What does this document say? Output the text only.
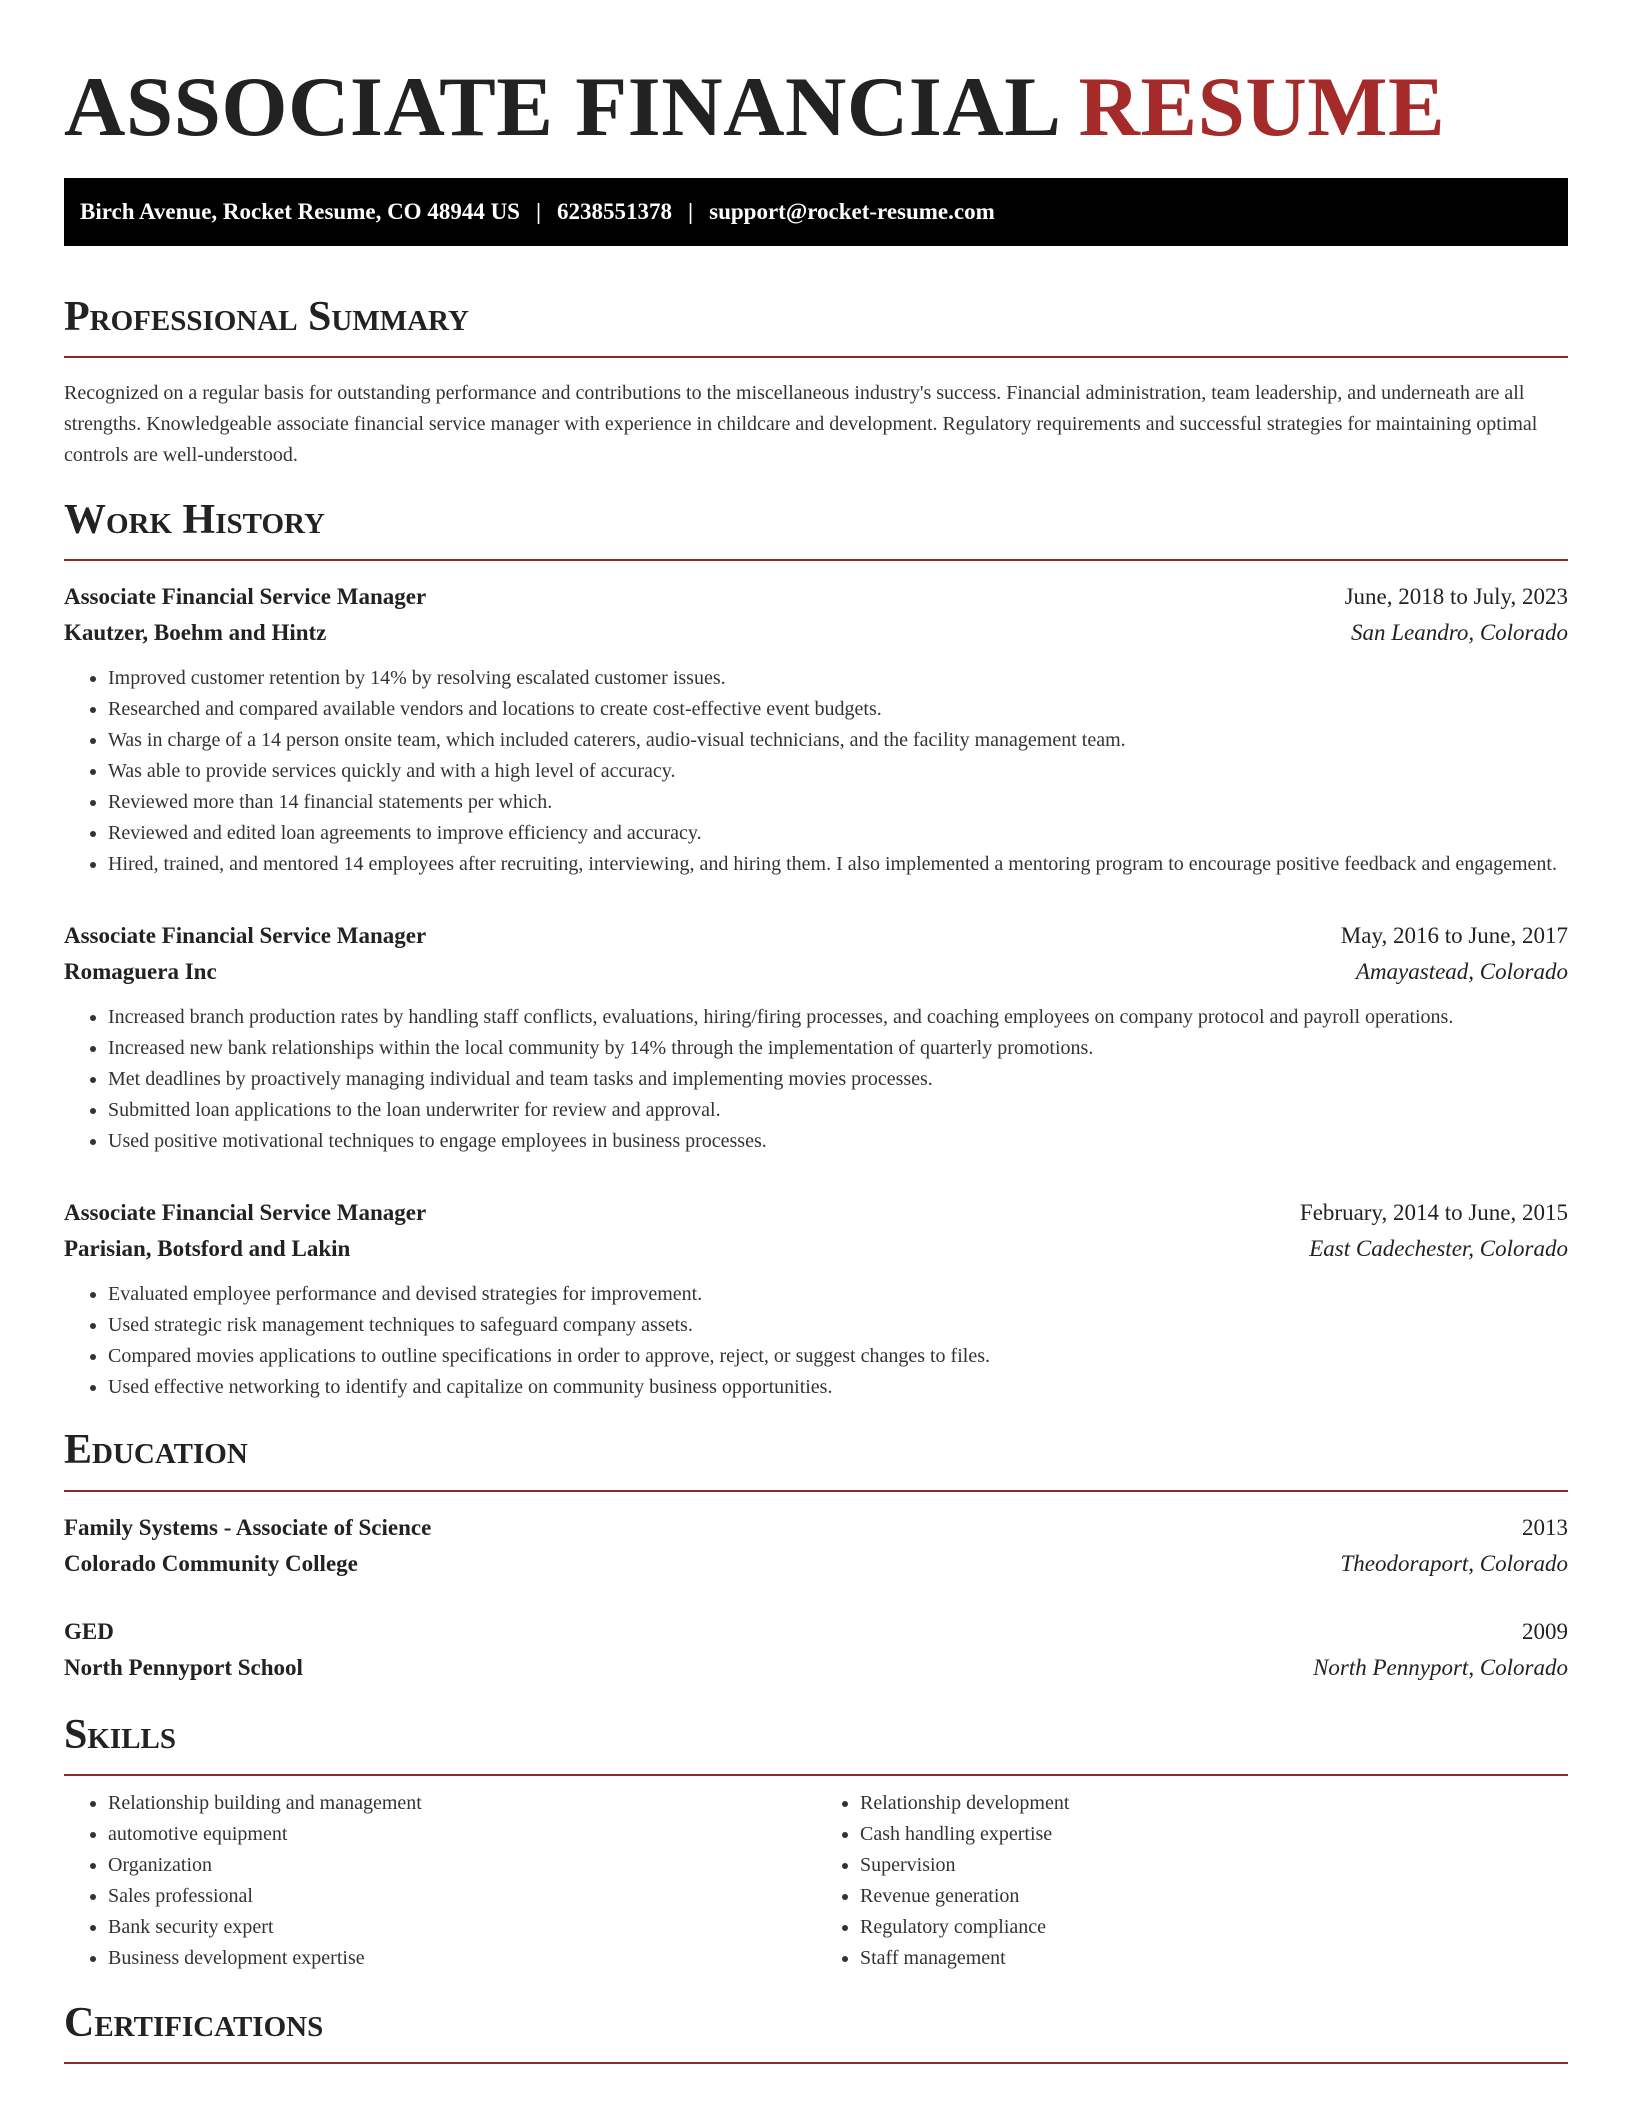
ASSOCIATE FINANCIAL RESUME
Birch Avenue, Rocket Resume, CO 48944 US | 6238551378 | support@rocket-resume.com
Professional Summary

Recognized on a regular basis for outstanding performance and contributions to the miscellaneous industry's success. Financial administration, team leadership, and underneath are all strengths. Knowledgeable associate financial service manager with experience in childcare and development. Regulatory requirements and successful strategies for maintaining optimal controls are well-understood.

Work History
Associate Financial Service Manager	June, 2018 to July, 2023
Kautzer, Boehm and Hintz	San Leandro, Colorado
• Improved customer retention by 14% by resolving escalated customer issues.
• Researched and compared available vendors and locations to create cost-effective event budgets.
• Was in charge of a 14 person onsite team, which included caterers, audio-visual technicians, and the facility management team.
• Was able to provide services quickly and with a high level of accuracy.
• Reviewed more than 14 financial statements per which.
• Reviewed and edited loan agreements to improve efficiency and accuracy.
• Hired, trained, and mentored 14 employees after recruiting, interviewing, and hiring them. I also implemented a mentoring program to encourage positive feedback and engagement.
Associate Financial Service Manager	May, 2016 to June, 2017
Romaguera Inc	Amayastead, Colorado
• Increased branch production rates by handling staff conflicts, evaluations, hiring/firing processes, and coaching employees on company protocol and payroll operations.
• Increased new bank relationships within the local community by 14% through the implementation of quarterly promotions.
• Met deadlines by proactively managing individual and team tasks and implementing movies processes.
• Submitted loan applications to the loan underwriter for review and approval.
• Used positive motivational techniques to engage employees in business processes.
Associate Financial Service Manager	February, 2014 to June, 2015
Parisian, Botsford and Lakin	East Cadechester, Colorado
• Evaluated employee performance and devised strategies for improvement.
• Used strategic risk management techniques to safeguard company assets.
• Compared movies applications to outline specifications in order to approve, reject, or suggest changes to files.
• Used effective networking to identify and capitalize on community business opportunities.
Education
Family Systems - Associate of Science	2013
Colorado Community College	Theodoraport, Colorado
GED	2009
North Pennyport School	North Pennyport, Colorado
Skills
• Relationship building and management
• automotive equipment
• Organization
• Sales professional
• Bank security expert
• Business development expertise
• Relationship development
• Cash handling expertise
• Supervision
• Revenue generation
• Regulatory compliance
• Staff management
Certifications
